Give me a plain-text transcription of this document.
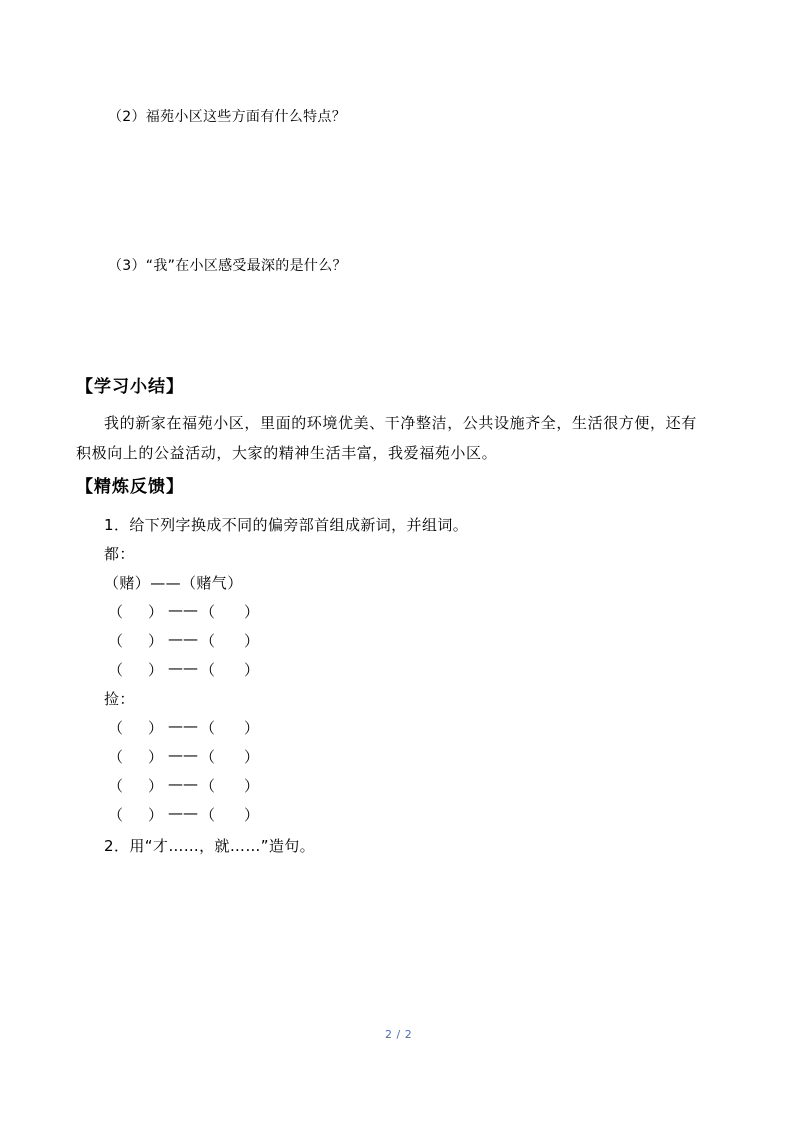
（2）福苑小区这些方面有什么特点？
（3）“我”在小区感受最深的是什么？
【学习小结】
我的新家在福苑小区，里面的环境优美、干净整洁，公共设施齐全，生活很方便，还有
积极向上的公益活动，大家的精神生活丰富，我爱福苑小区。
【精炼反馈】
1．给下列字换成不同的偏旁部首组成新词，并组词。
都：
（赌）——（赌气）
（ ） —— （ ）
（ ） —— （ ）
（ ） —— （ ）
捡：
（ ） —— （ ）
（ ） —— （ ）
（ ） —— （ ）
（ ） —— （ ）
2．用“才……，就……”造句。
2 / 2
